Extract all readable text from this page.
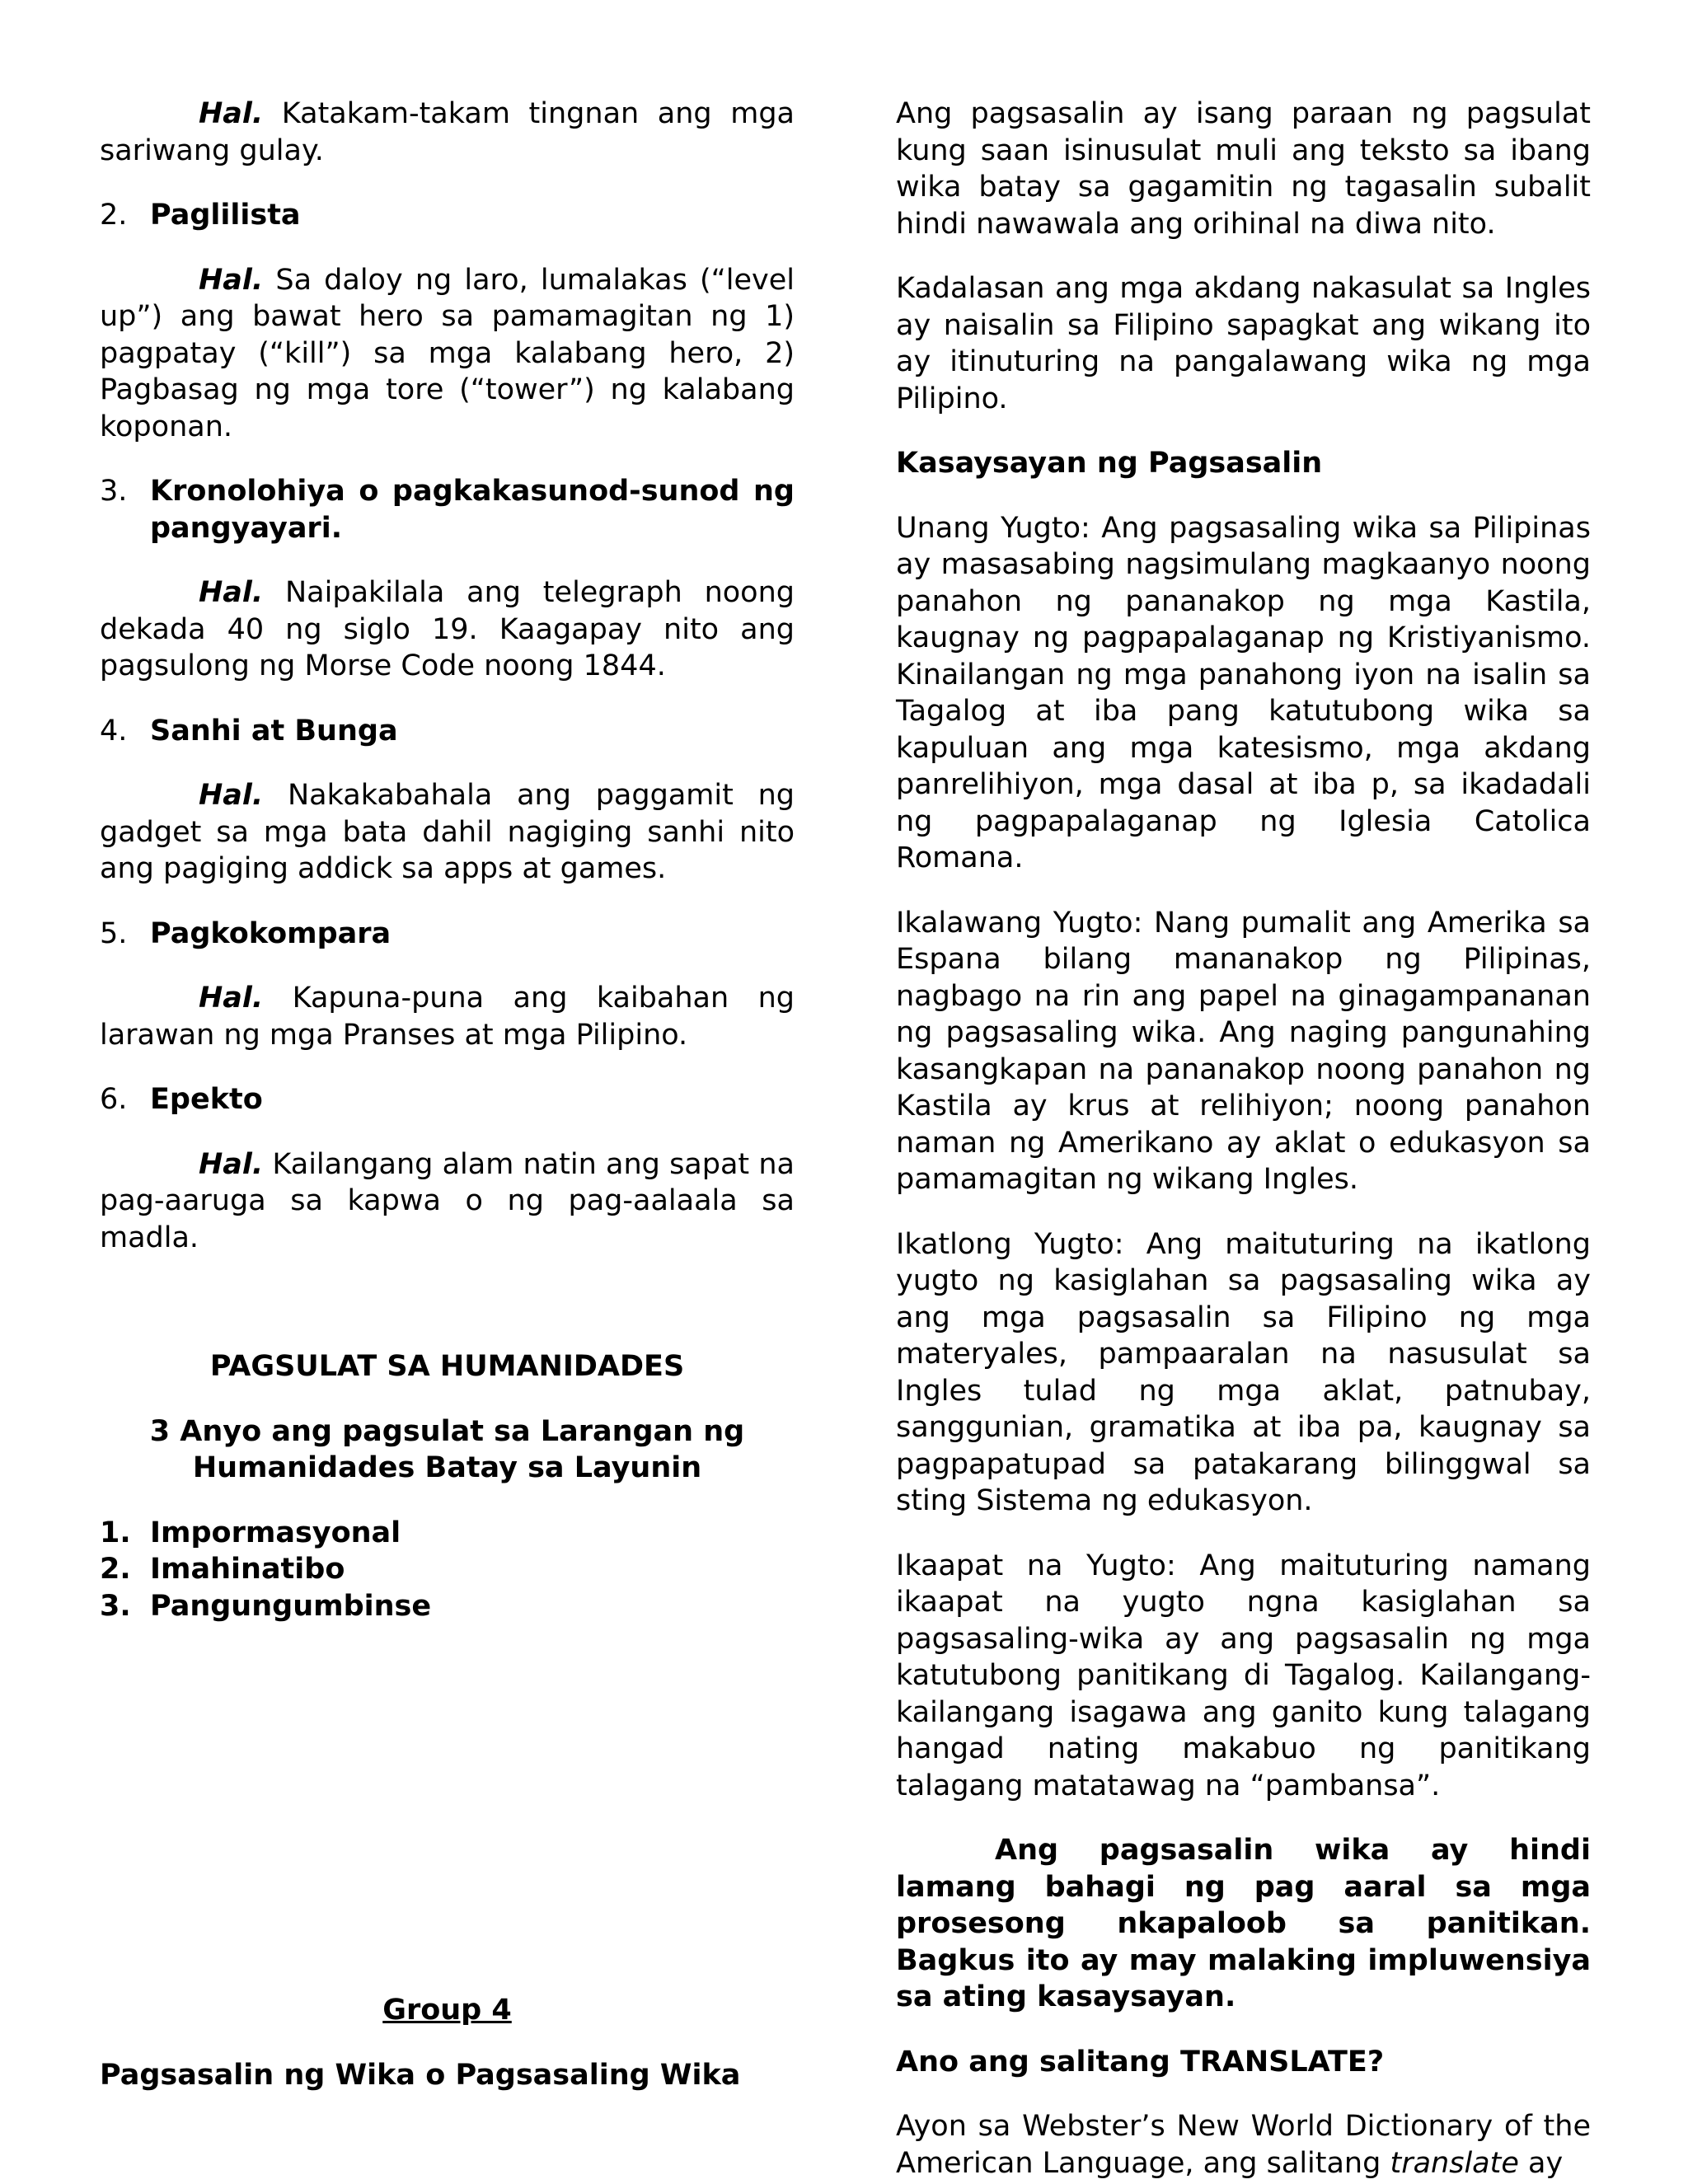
Hal. Katakam-takam tingnan ang mga sariwang gulay.

2. Paglilista

Hal. Sa daloy ng laro, lumalakas (“level up”) ang bawat hero sa pamamagitan ng 1) pagpatay (“kill”) sa mga kalabang hero, 2) Pagbasag ng mga tore (“tower”) ng kalabang koponan.

3. Kronolohiya o pagkakasunod-sunod ng pangyayari.

Hal. Naipakilala ang telegraph noong dekada 40 ng siglo 19. Kaagapay nito ang pagsulong ng Morse Code noong 1844.

4. Sanhi at Bunga

Hal. Nakakabahala ang paggamit ng gadget sa mga bata dahil nagiging sanhi nito ang pagiging addick sa apps at games.

5. Pagkokompara

Hal. Kapuna-puna ang kaibahan ng larawan ng mga Pranses at mga Pilipino.

6. Epekto

Hal. Kailangang alam natin ang sapat na pag-aaruga sa kapwa o ng pag-aalaala sa madla.

PAGSULAT SA HUMANIDADES
3 Anyo ang pagsulat sa Larangan ng
Humanidades Batay sa Layunin
1. Impormasyonal
2. Imahinatibo
3. Pangungumbinse
Group 4
Pagsasalin ng Wika o Pagsasaling Wika

Ang pagsasalin ay isang paraan ng pagsulat kung saan isinusulat muli ang teksto sa ibang wika batay sa gagamitin ng tagasalin subalit hindi nawawala ang orihinal na diwa nito.

Kadalasan ang mga akdang nakasulat sa Ingles ay naisalin sa Filipino sapagkat ang wikang ito ay itinuturing na pangalawang wika ng mga Pilipino.

Kasaysayan ng Pagsasalin

Unang Yugto: Ang pagsasaling wika sa Pilipinas ay masasabing nagsimulang magkaanyo noong panahon ng pananakop ng mga Kastila, kaugnay ng pagpapalaganap ng Kristiyanismo. Kinailangan ng mga panahong iyon na isalin sa Tagalog at iba pang katutubong wika sa kapuluan ang mga katesismo, mga akdang panrelihiyon, mga dasal at iba p, sa ikadadali ng pagpapalaganap ng Iglesia Catolica Romana.

Ikalawang Yugto: Nang pumalit ang Amerika sa Espana bilang mananakop ng Pilipinas, nagbago na rin ang papel na ginagampananan ng pagsasaling wika. Ang naging pangunahing kasangkapan na pananakop noong panahon ng Kastila ay krus at relihiyon; noong panahon naman ng Amerikano ay aklat o edukasyon sa pamamagitan ng wikang Ingles.

Ikatlong Yugto: Ang maituturing na ikatlong yugto ng kasiglahan sa pagsasaling wika ay ang mga pagsasalin sa Filipino ng mga materyales, pampaaralan na nasusulat sa Ingles tulad ng mga aklat, patnubay, sanggunian, gramatika at iba pa, kaugnay sa pagpapatupad sa patakarang bilinggwal sa sting Sistema ng edukasyon.

Ikaapat na Yugto: Ang maituturing namang ikaapat na yugto ngna kasiglahan sa pagsasaling-wika ay ang pagsasalin ng mga katutubong panitikang di Tagalog. Kailangang- kailangang isagawa ang ganito kung talagang hangad nating makabuo ng panitikang talagang matatawag na “pambansa”.

Ang pagsasalin wika ay hindi lamang bahagi ng pag aaral sa mga prosesong nkapaloob sa panitikan. Bagkus ito ay may malaking impluwensiya sa ating kasaysayan.

Ano ang salitang TRANSLATE?

Ayon sa Webster’s New World Dictionary of the American Language, ang salitang translate ay
